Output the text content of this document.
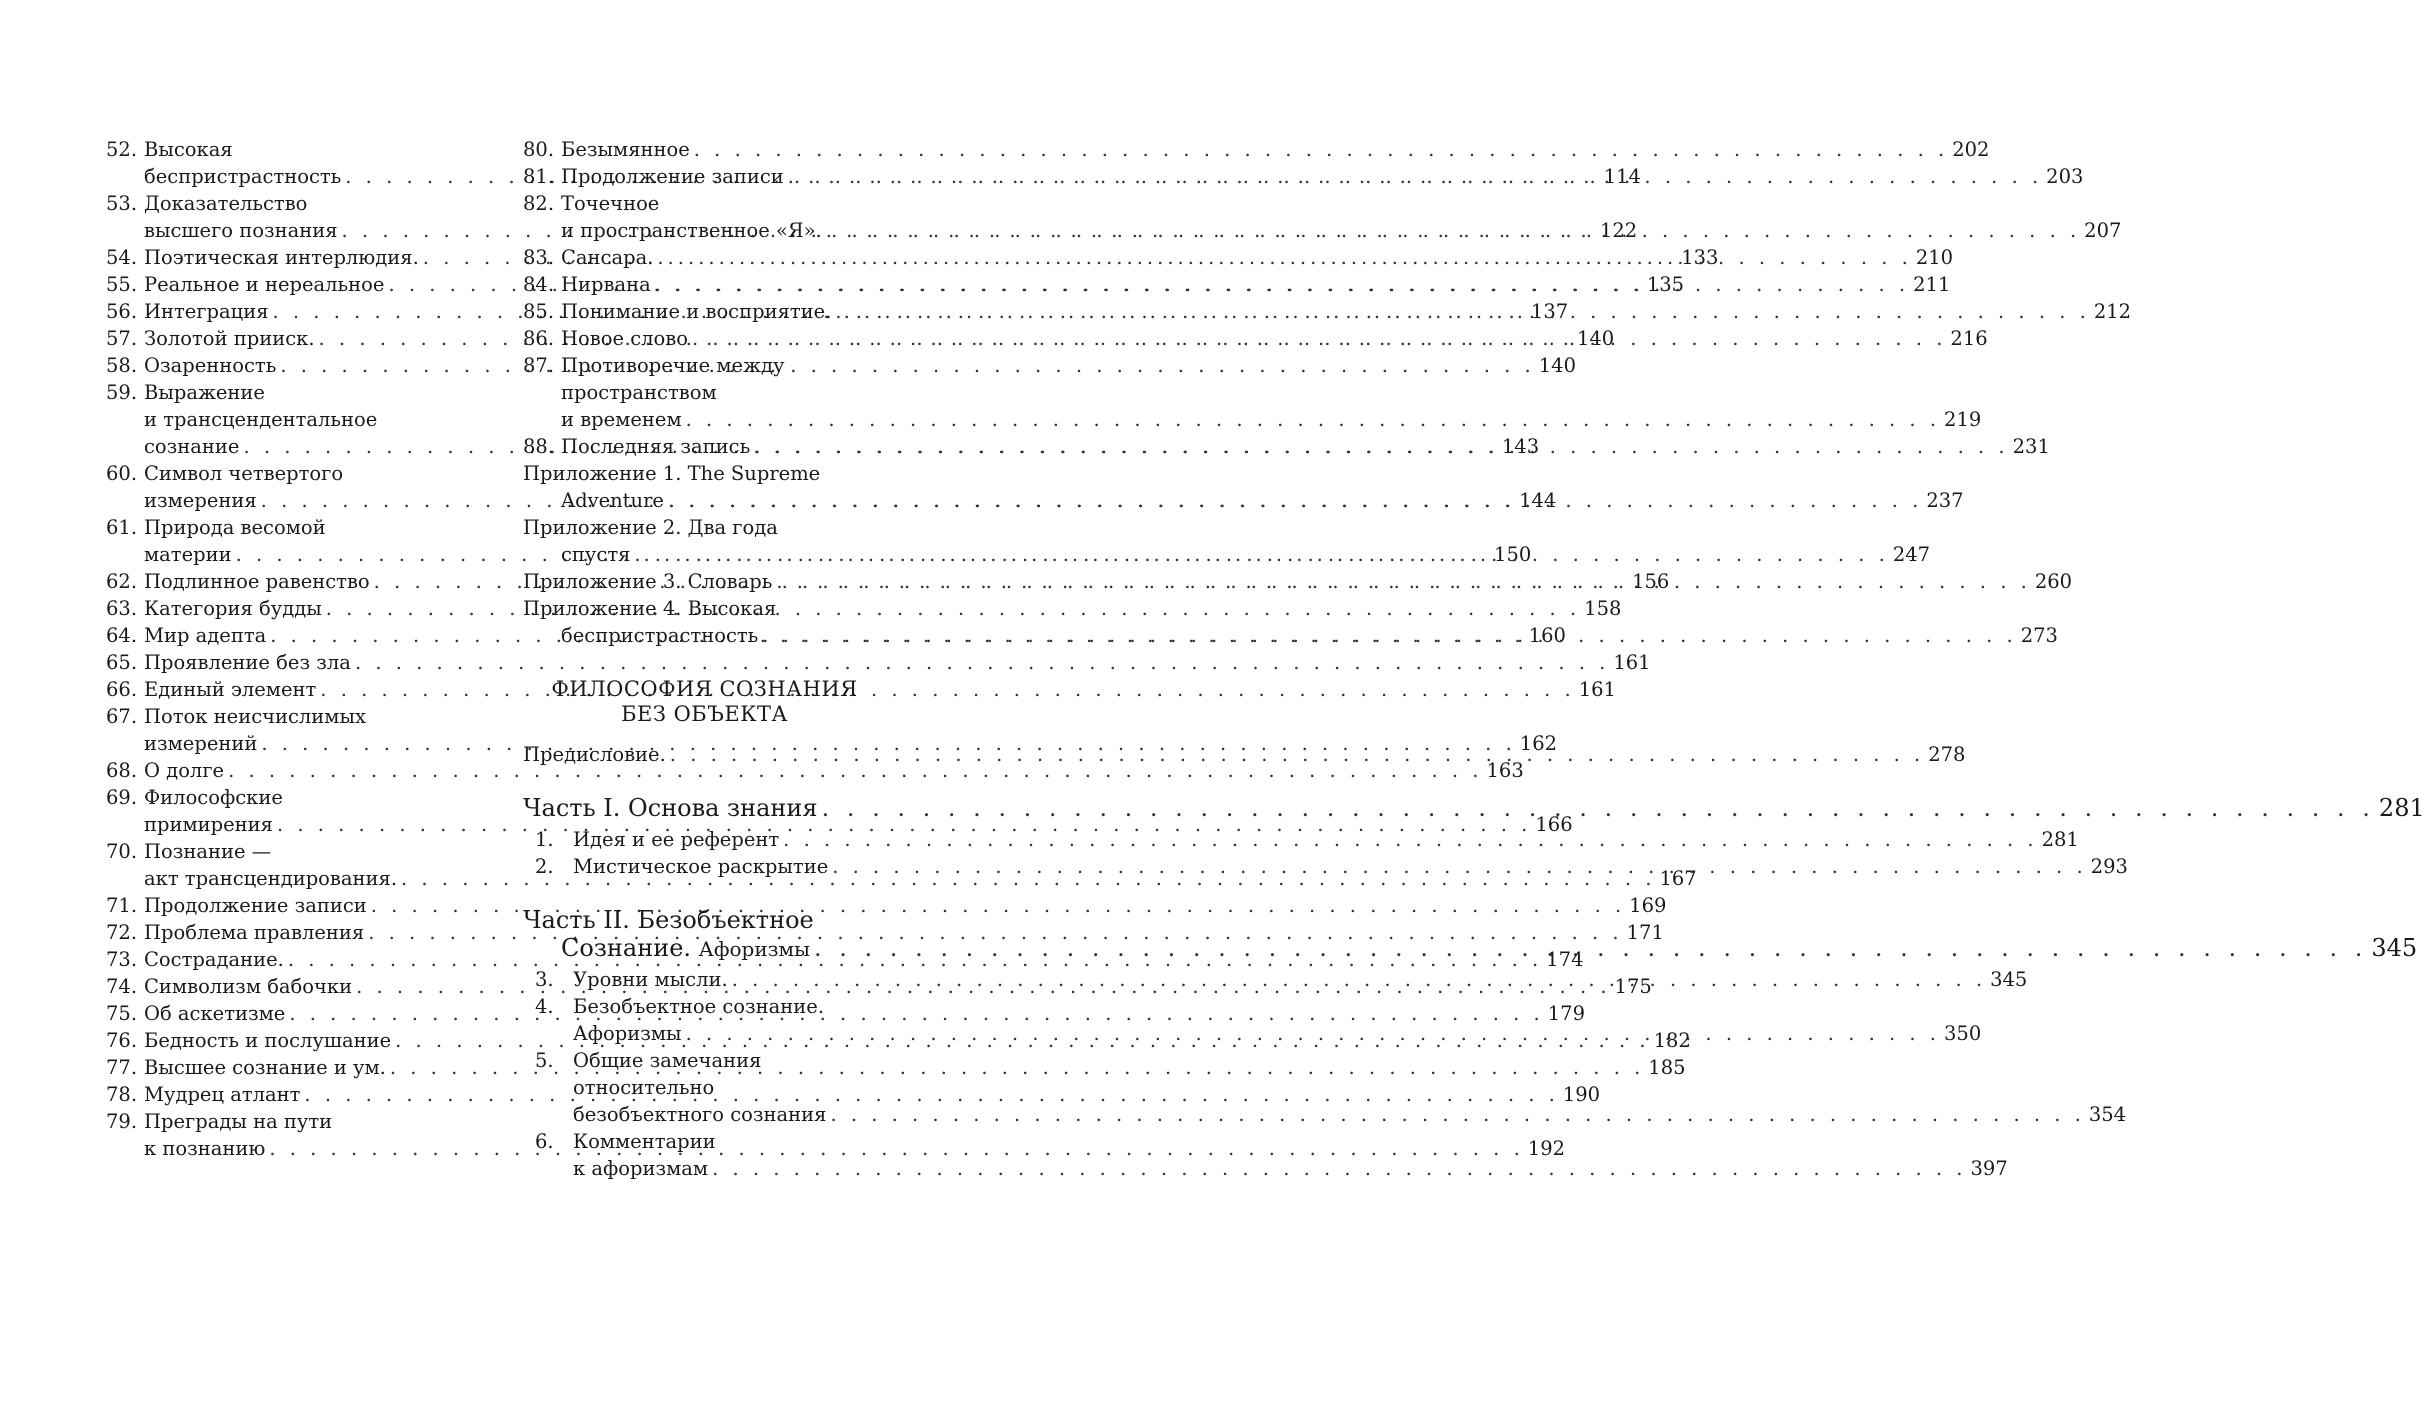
52. Высокая
беспристрастность . . .	114
53. Доказательство
высшего познания . . .	122
54. Поэтическая интерлюдия. . . .	133
55. Реальное и нереальное . . .	135
56. Интеграция . . .	137
57. Золотой прииск. . . .	140
58. Озаренность . . .	140
59. Выражение
и трансцендентальное
сознание . . .	143
60. Символ четвертого
измерения . . .	144
61. Природа весомой
материи . . .	150
62. Подлинное равенство . . .	156
63. Категория будды . . .	158
64. Мир адепта . . .	160
65. Проявление без зла . . .	161
66. Единый элемент . . .	161
67. Поток неисчислимых
измерений . . .	162
68. О долге . . .	163
69. Философские
примирения . . .	166
70. Познание —
акт трансцендирования. . . .	167
71. Продолжение записи . . .	169
72. Проблема правления . . .	171
73. Сострадание. . . .	174
74. Символизм бабочки . . .	175
75. Об аскетизме . . .	179
76. Бедность и послушание . . .	182
77. Высшее сознание и ум. . . .	185
78. Мудрец атлант . . .	190
79. Преграды на пути
к познанию . . .	192
80. Безымянное . . .	202
81. Продолжение записи . . .	203
82. Точечное
и пространственное «Я». . . .	207
83. Сансара. . . .	210
84. Нирвана . . .	211
85. Понимание и восприятие. . . .	212
86. Новое слово . . .	216
87. Противоречие между
пространством
и временем . . .	219
88. Последняя запись . . .	231
Приложение 1. The Supreme
Adventure . . .	237
Приложение 2. Два года
спустя . . .	247
Приложение 3. Словарь . . .	260
Приложение 4. Высокая
беспристрастность . . .	273
ФИЛОСОФИЯ СОЗНАНИЯ
БЕЗ ОБЪЕКТА
Предисловие. . . .	278
Часть I. Основа знания . . .	281
1. Идея и ее референт . . .	281
2. Мистическое раскрытие . . .	293
Часть II. Безобъектное
Сознание. Афоризмы . . .	345
3. Уровни мысли. . . .	345
4. Безобъектное сознание.
Афоризмы . . .	350
5. Общие замечания
относительно
безобъектного сознания . . .	354
6. Комментарии
к афоризмам . . .	397
